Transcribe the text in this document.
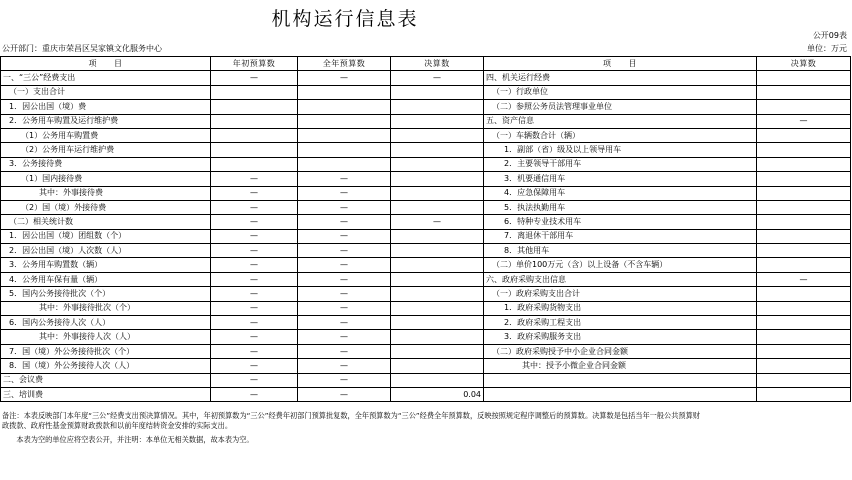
机构运行信息表
公开09表
公开部门：重庆市荣昌区吴家镇文化服务中心	单位：万元
项　　目	年初预算数	全年预算数	决算数	项　　目	决算数
一、“三公”经费支出	—	—	—	四、机关运行经费	
（一）支出合计				（一）行政单位	
1．因公出国（境）费				（二）参照公务员法管理事业单位	
2．公务用车购置及运行维护费				五、资产信息	—
（1）公务用车购置费				（一）车辆数合计（辆）	
（2）公务用车运行维护费				1．副部（省）级及以上领导用车	
3．公务接待费				2．主要领导干部用车	
（1）国内接待费	—	—		3．机要通信用车	
其中：外事接待费	—	—		4．应急保障用车	
（2）国（境）外接待费	—	—		5．执法执勤用车	
（二）相关统计数	—	—	—	6．特种专业技术用车	
1．因公出国（境）团组数（个）	—	—		7．离退休干部用车	
2．因公出国（境）人次数（人）	—	—		8．其他用车	
3．公务用车购置数（辆）	—	—		（二）单价100万元（含）以上设备（不含车辆）	
4．公务用车保有量（辆）	—	—		六、政府采购支出信息	—
5．国内公务接待批次（个）	—	—		（一）政府采购支出合计	
其中：外事接待批次（个）	—	—		1．政府采购货物支出	
6．国内公务接待人次（人）	—	—		2．政府采购工程支出	
其中：外事接待人次（人）	—	—		3．政府采购服务支出	
7．国（境）外公务接待批次（个）	—	—		（二）政府采购授予中小企业合同金额	
8．国（境）外公务接待人次（人）	—	—		其中：授予小微企业合同金额	
二、会议费	—	—			
三、培训费	—	—	0.04		
备注：本表反映部门本年度“三公”经费支出预决算情况。其中，年初预算数为“三公”经费年初部门预算批复数，全年预算数为“三公”经费全年预算数，反映按照规定程序调整后的预算数。决算数是包括当年一般公共预算财
政拨款、政府性基金预算财政拨款和以前年度结转资金安排的实际支出。
　　本表为空的单位应将空表公开，并注明：本单位无相关数据，故本表为空。
